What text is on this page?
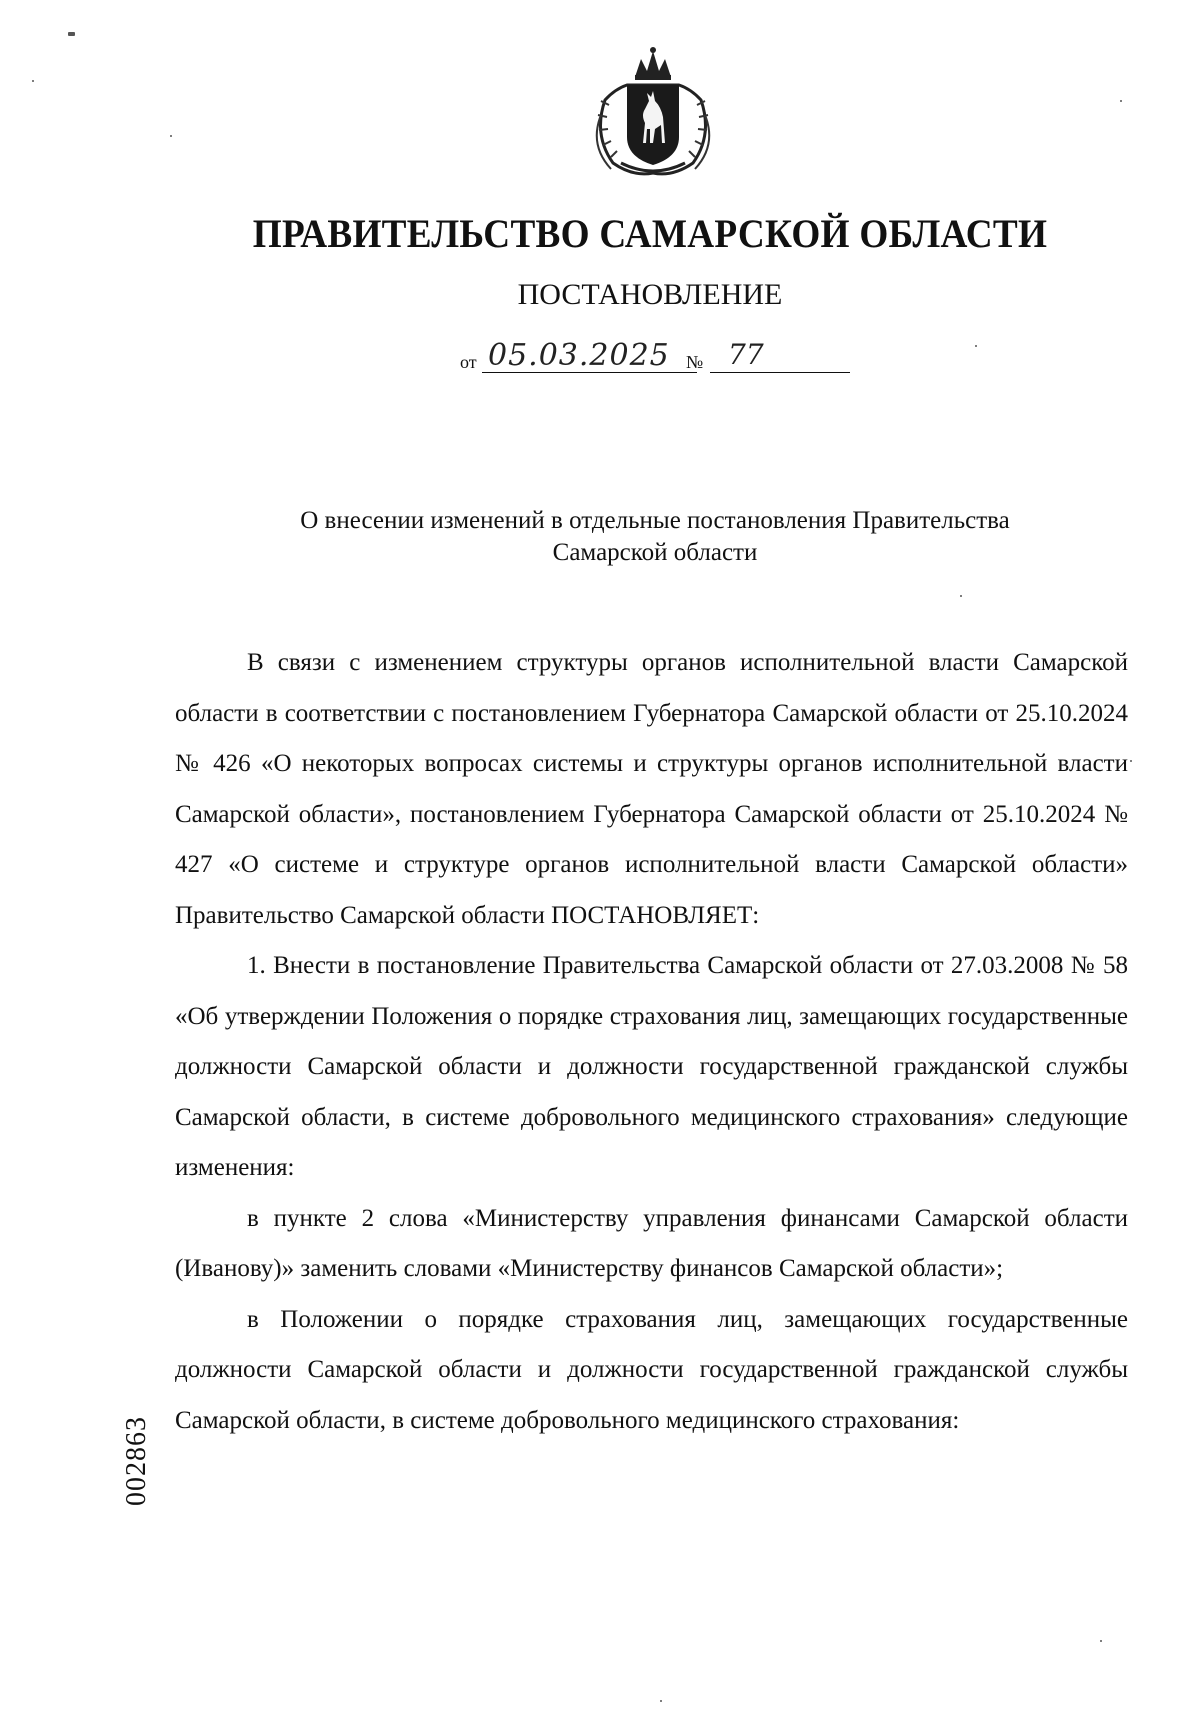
ПРАВИТЕЛЬСТВО САМАРСКОЙ ОБЛАСТИ
ПОСТАНОВЛЕНИЕ
от 05.03.2025 № 77
О внесении изменений в отдельные постановления Правительства
Самарской области

В связи с изменением структуры органов исполнительной власти Самарской области в соответствии с постановлением Губернатора Самарской области от 25.10.2024 № 426 «О некоторых вопросах системы и структуры органов исполнительной власти Самарской области», постановлением Губернатора Самарской области от 25.10.2024 № 427 «О системе и структуре органов исполнительной власти Самарской области» Правительство Самарской области ПОСТАНОВЛЯЕТ:

1. Внести в постановление Правительства Самарской области от 27.03.2008 № 58 «Об утверждении Положения о порядке страхования лиц, замещающих государственные должности Самарской области и должности государственной гражданской службы Самарской области, в системе добровольного медицинского страхования» следующие изменения:

в пункте 2 слова «Министерству управления финансами Самарской области (Иванову)» заменить словами «Министерству финансов Самарской области»;

в Положении о порядке страхования лиц, замещающих государственные должности Самарской области и должности государственной гражданской службы Самарской области, в системе добровольного медицинского страхования:

002863
